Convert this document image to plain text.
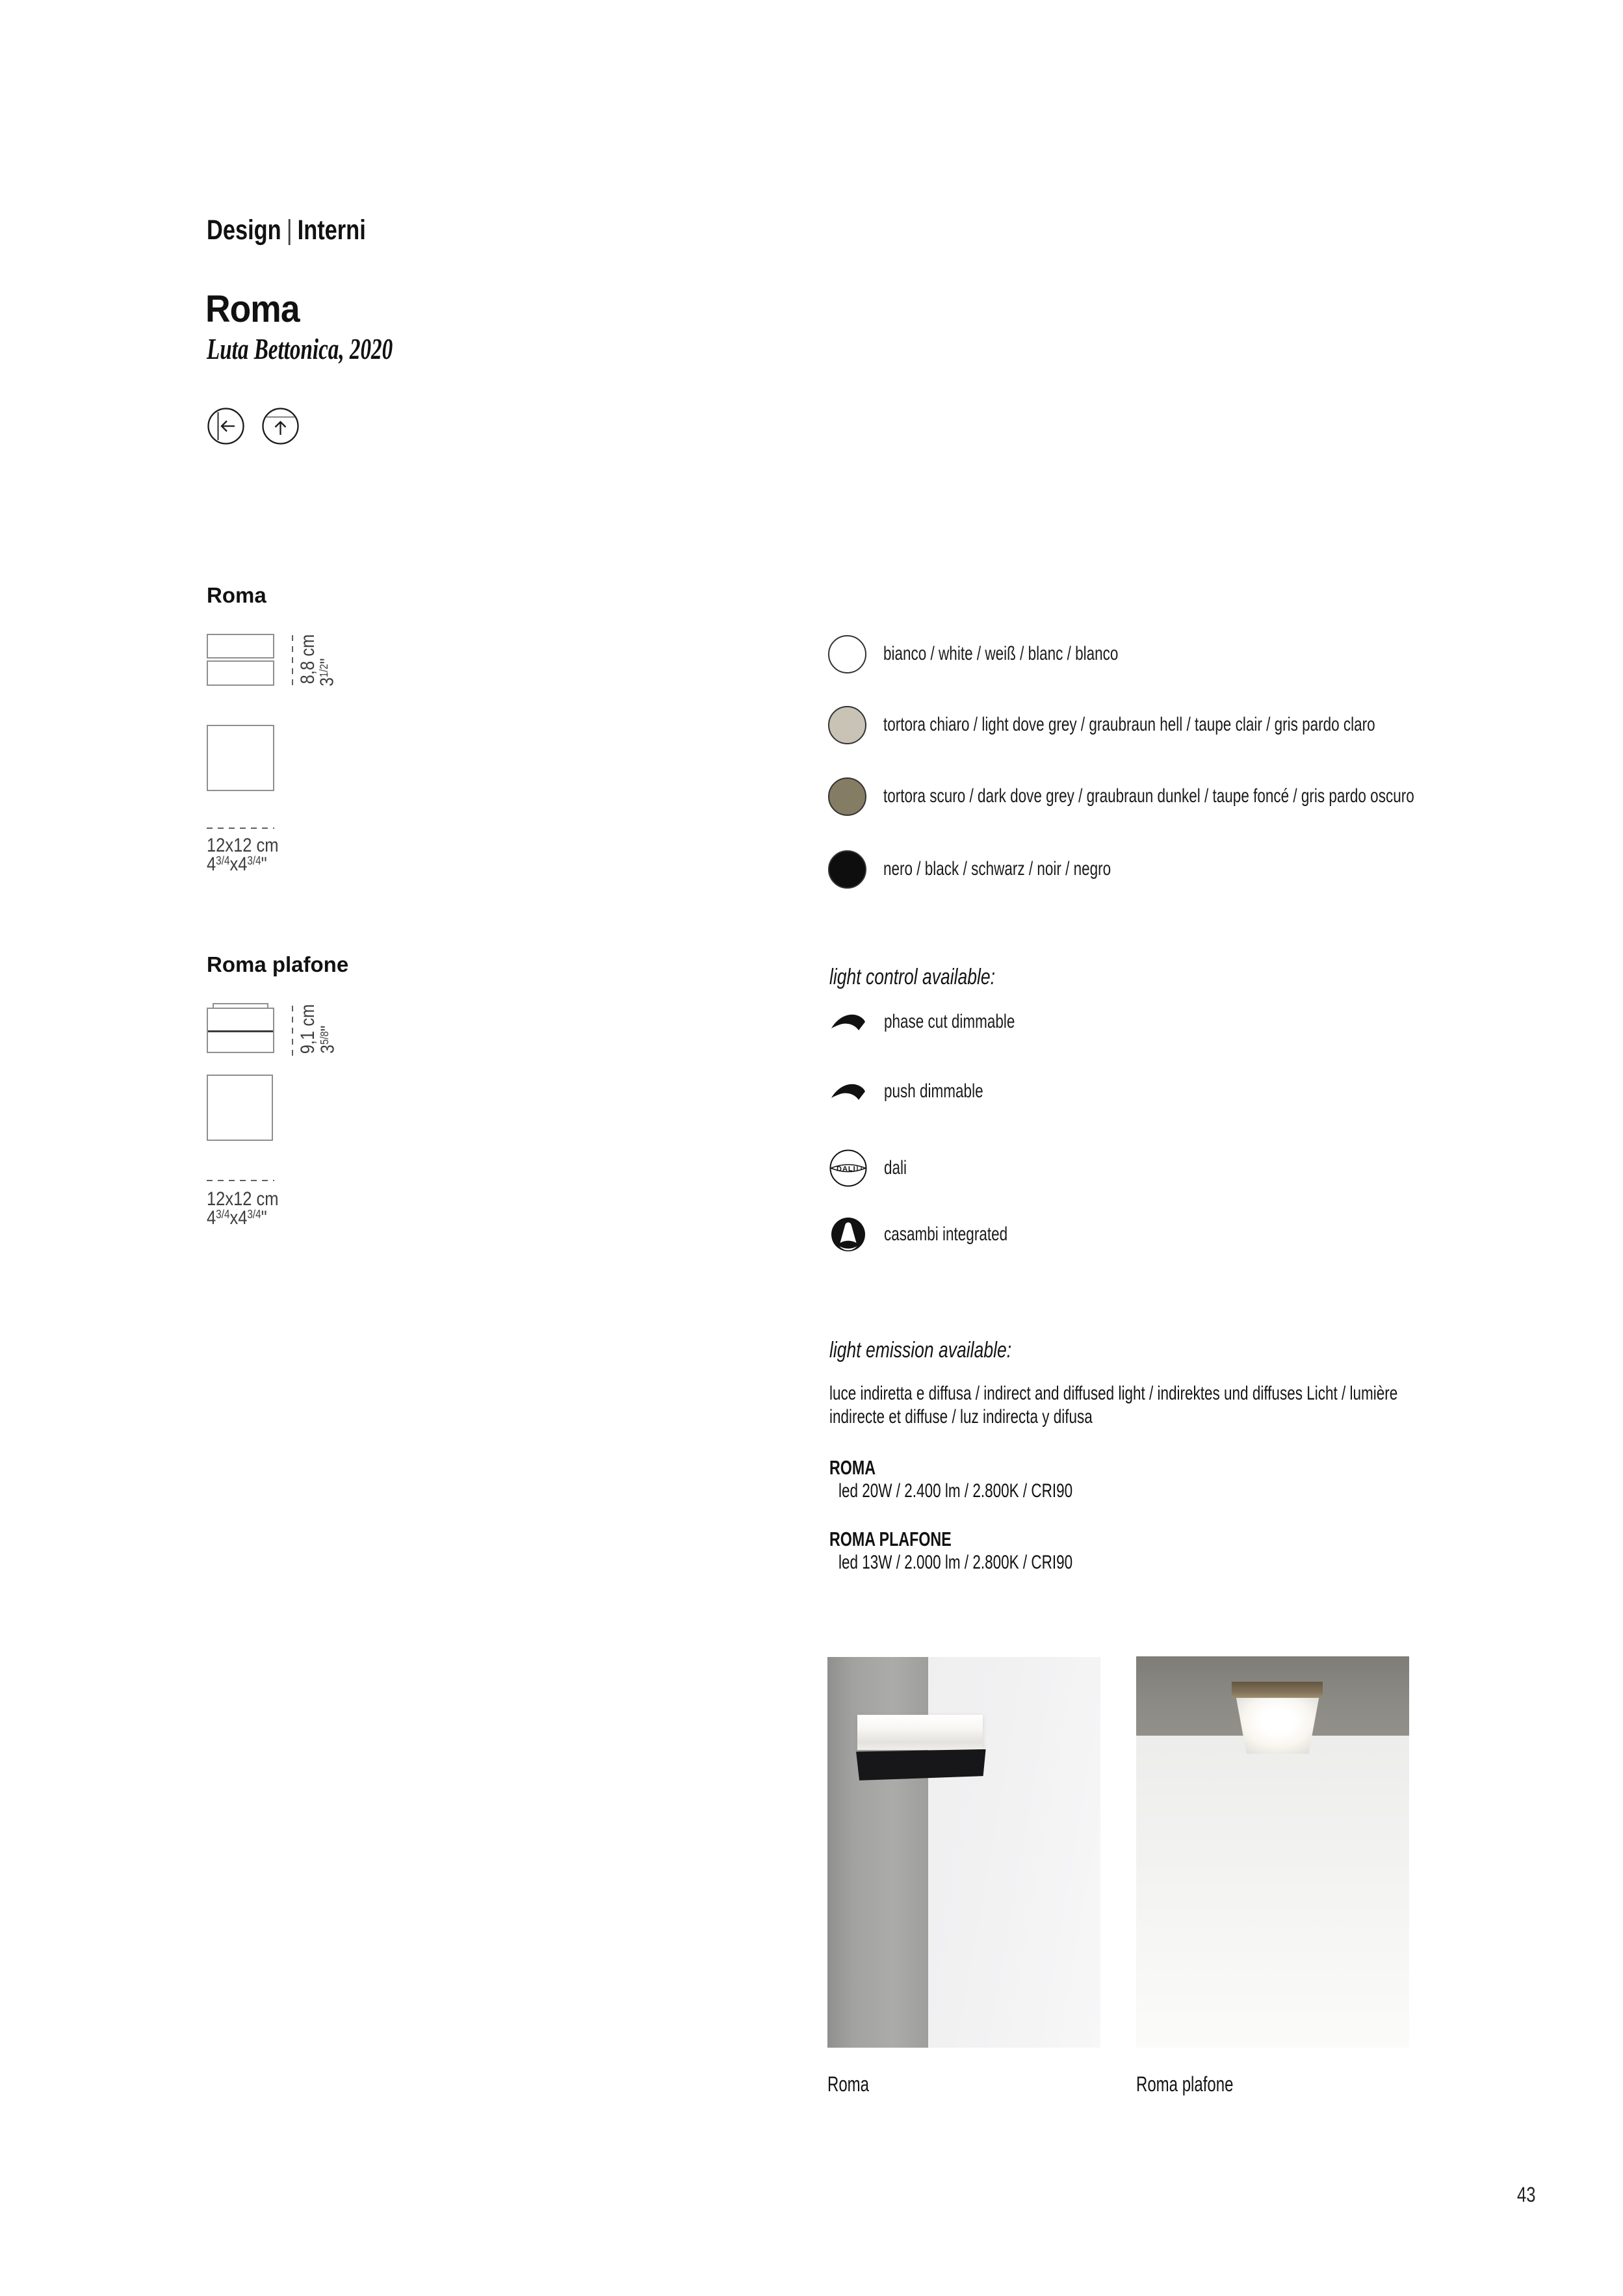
Design | Interni
Roma
Luta Bettonica, 2020
Roma
8,8 cm
$3^{1/2}$"
12x12 cm
$4^{3/4}x4^{3/4}$"
Roma plafone
9,1 cm
$3^{5/8}$"
12x12 cm
$4^{3/4}x4^{3/4}$"
bianco / white / weiß / blanc / blanco
tortora chiaro / light dove grey / graubraun hell / taupe clair / gris pardo claro
tortora scuro / dark dove grey / graubraun dunkel / taupe foncé / gris pardo oscuro
nero / black / schwarz / noir / negro
light control available:
phase cut dimmable
push dimmable
DALI dali
casambi integrated
light emission available:
luce indiretta e diffusa / indirect and diffused light / indirektes und diffuses Licht / lumière indirecte et diffuse / luz indirecta y difusa
ROMA
led 20W / 2.400 lm / 2.800K / CRI90
ROMA PLAFONE
led 13W / 2.000 lm / 2.800K / CRI90
Roma	Roma plafone
43
